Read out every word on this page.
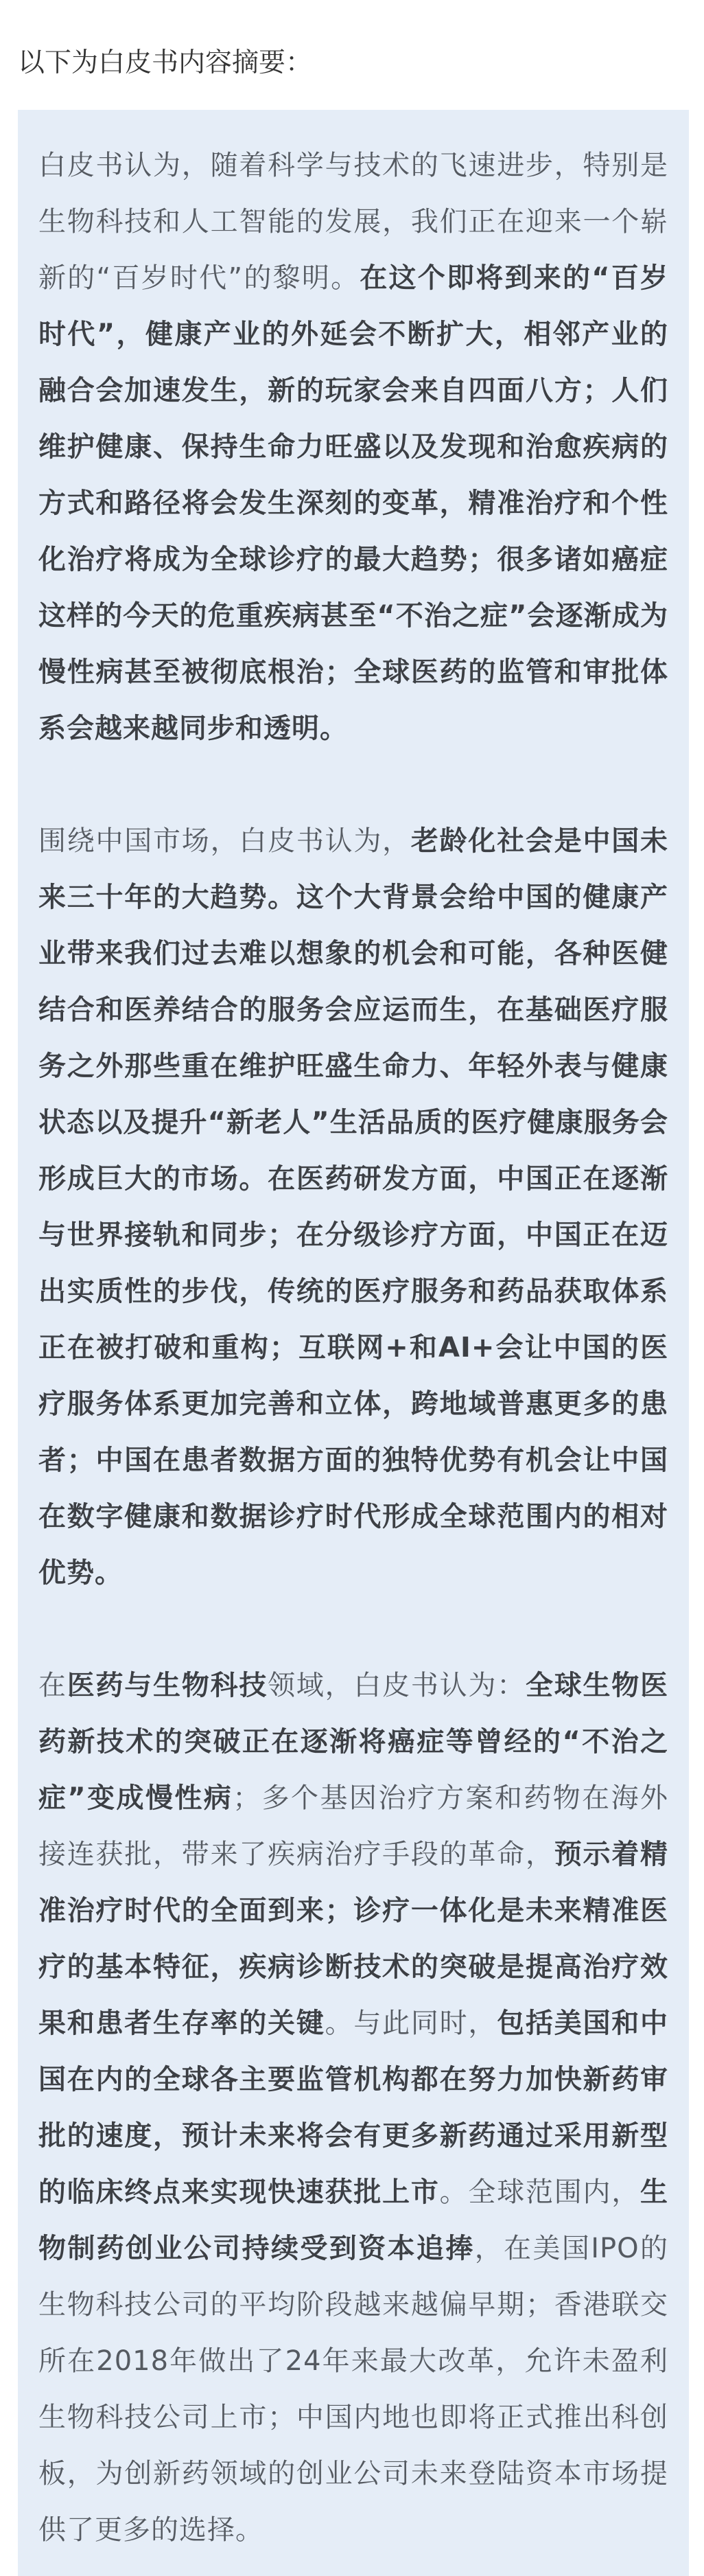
以下为白皮书内容摘要：

白皮书认为，随着科学与技术的飞速进步，特别是生物科技和人工智能的发展，我们正在迎来一个崭新的“百岁时代”的黎明。在这个即将到来的“百岁时代”，健康产业的外延会不断扩大，相邻产业的融合会加速发生，新的玩家会来自四面八方；人们维护健康、保持生命力旺盛以及发现和治愈疾病的方式和路径将会发生深刻的变革，精准治疗和个性化治疗将成为全球诊疗的最大趋势；很多诸如癌症这样的今天的危重疾病甚至“不治之症”会逐渐成为慢性病甚至被彻底根治；全球医药的监管和审批体系会越来越同步和透明。

围绕中国市场，白皮书认为，老龄化社会是中国未来三十年的大趋势。这个大背景会给中国的健康产业带来我们过去难以想象的机会和可能，各种医健结合和医养结合的服务会应运而生，在基础医疗服务之外那些重在维护旺盛生命力、年轻外表与健康状态以及提升“新老人”生活品质的医疗健康服务会形成巨大的市场。在医药研发方面，中国正在逐渐与世界接轨和同步；在分级诊疗方面，中国正在迈出实质性的步伐，传统的医疗服务和药品获取体系正在被打破和重构；互联网+和AI+会让中国的医疗服务体系更加完善和立体，跨地域普惠更多的患者；中国在患者数据方面的独特优势有机会让中国在数字健康和数据诊疗时代形成全球范围内的相对优势。

在医药与生物科技领域，白皮书认为：全球生物医药新技术的突破正在逐渐将癌症等曾经的“不治之症”变成慢性病；多个基因治疗方案和药物在海外接连获批，带来了疾病治疗手段的革命，预示着精准治疗时代的全面到来；诊疗一体化是未来精准医疗的基本特征，疾病诊断技术的突破是提高治疗效果和患者生存率的关键。与此同时，包括美国和中国在内的全球各主要监管机构都在努力加快新药审批的速度，预计未来将会有更多新药通过采用新型的临床终点来实现快速获批上市。全球范围内，生物制药创业公司持续受到资本追捧，在美国IPO的生物科技公司的平均阶段越来越偏早期；香港联交所在2018年做出了24年来最大改革，允许未盈利生物科技公司上市；中国内地也即将正式推出科创板，为创新药领域的创业公司未来登陆资本市场提供了更多的选择。
